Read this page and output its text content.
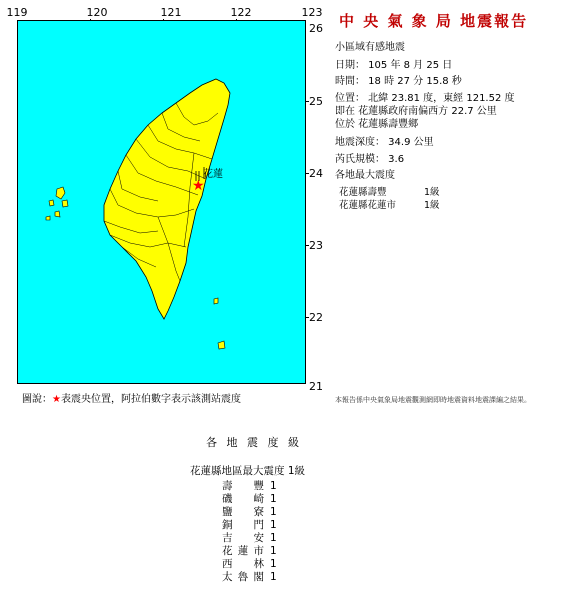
119	120	121	122	123
26
25
24
23
22
21
★
花蓮
中 央 氣 象 局 地震報告
小區域有感地震
日期： 105 年 8 月 25 日
時間： 18 時 27 分 15.8 秒
位置： 北緯 23.81 度，東經 121.52 度
即在 花蓮縣政府南偏西方 22.7 公里
位於 花蓮縣壽豐鄉
地震深度： 34.9 公里
芮氏規模： 3.6
各地最大震度
花蓮縣壽豐	1級
花蓮縣花蓮市	1級
圖說：★表震央位置，阿拉伯數字表示該測站震度	本報告係中央氣象局地震觀測網即時地震資料地震課編之結果。
各 地 震 度 級
花蓮縣地區最大震度 1級
壽豐 1
磯崎 1
鹽寮 1
銅門 1
吉安 1
花蓮市 1
西林 1
太魯閣 1
